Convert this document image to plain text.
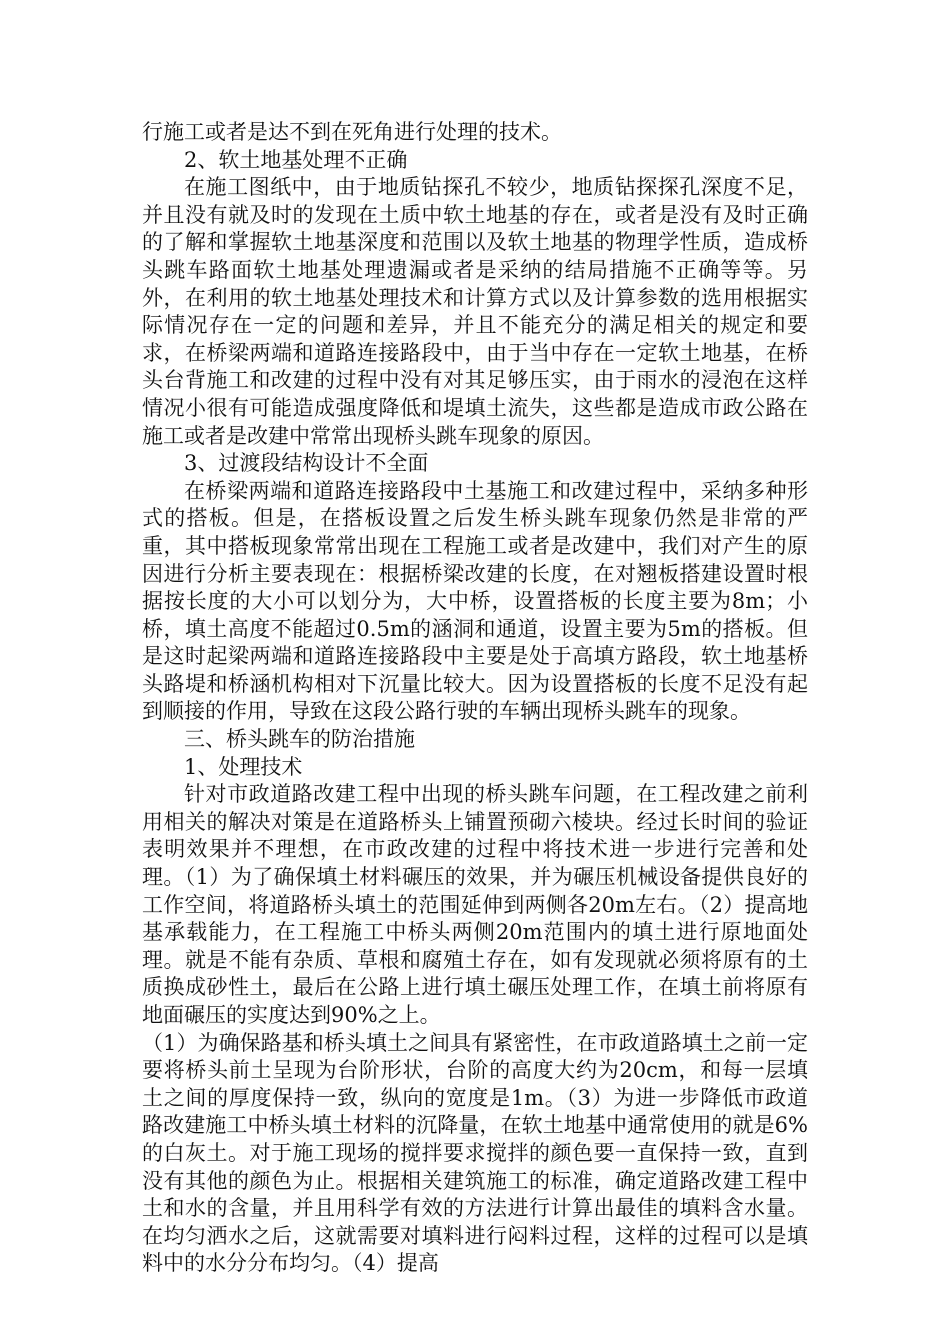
行施工或者是达不到在死角进行处理的技术。

2、软土地基处理不正确

在施工图纸中，由于地质钻探孔不较少，地质钻探探孔深度不足，并且没有就及时的发现在土质中软土地基的存在，或者是没有及时正确的了解和掌握软土地基深度和范围以及软土地基的物理学性质，造成桥头跳车路面软土地基处理遗漏或者是采纳的结局措施不正确等等。另外，在利用的软土地基处理技术和计算方式以及计算参数的选用根据实际情况存在一定的问题和差异，并且不能充分的满足相关的规定和要求，在桥梁两端和道路连接路段中，由于当中存在一定软土地基，在桥头台背施工和改建的过程中没有对其足够压实，由于雨水的浸泡在这样情况小很有可能造成强度降低和堤填土流失，这些都是造成市政公路在施工或者是改建中常常出现桥头跳车现象的原因。

3、过渡段结构设计不全面

在桥梁两端和道路连接路段中土基施工和改建过程中，采纳多种形式的搭板。但是，在搭板设置之后发生桥头跳车现象仍然是非常的严重，其中搭板现象常常出现在工程施工或者是改建中，我们对产生的原因进行分析主要表现在：根据桥梁改建的长度，在对翘板搭建设置时根据按长度的大小可以划分为，大中桥，设置搭板的长度主要为8m；小桥，填土高度不能超过0.5m的涵洞和通道，设置主要为5m的搭板。但是这时起梁两端和道路连接路段中主要是处于高填方路段，软土地基桥头路堤和桥涵机构相对下沉量比较大。因为设置搭板的长度不足没有起到顺接的作用，导致在这段公路行驶的车辆出现桥头跳车的现象。

三、桥头跳车的防治措施

1、处理技术

针对市政道路改建工程中出现的桥头跳车问题，在工程改建之前利用相关的解决对策是在道路桥头上铺置预砌六棱块。经过长时间的验证表明效果并不理想，在市政改建的过程中将技术进一步进行完善和处理。（1）为了确保填土材料碾压的效果，并为碾压机械设备提供良好的工作空间，将道路桥头填土的范围延伸到两侧各20m左右。（2）提高地基承载能力，在工程施工中桥头两侧20m范围内的填土进行原地面处理。就是不能有杂质、草根和腐殖土存在，如有发现就必须将原有的土质换成砂性土，最后在公路上进行填土碾压处理工作，在填土前将原有地面碾压的实度达到90%之上。

（1）为确保路基和桥头填土之间具有紧密性，在市政道路填土之前一定要将桥头前土呈现为台阶形状，台阶的高度大约为20cm，和每一层填土之间的厚度保持一致，纵向的宽度是1m。（3）为进一步降低市政道路改建施工中桥头填土材料的沉降量，在软土地基中通常使用的就是6%的白灰土。对于施工现场的搅拌要求搅拌的颜色要一直保持一致，直到没有其他的颜色为止。根据相关建筑施工的标准，确定道路改建工程中土和水的含量，并且用科学有效的方法进行计算出最佳的填料含水量。在均匀洒水之后，这就需要对填料进行闷料过程，这样的过程可以是填料中的水分分布均匀。（4）提高
